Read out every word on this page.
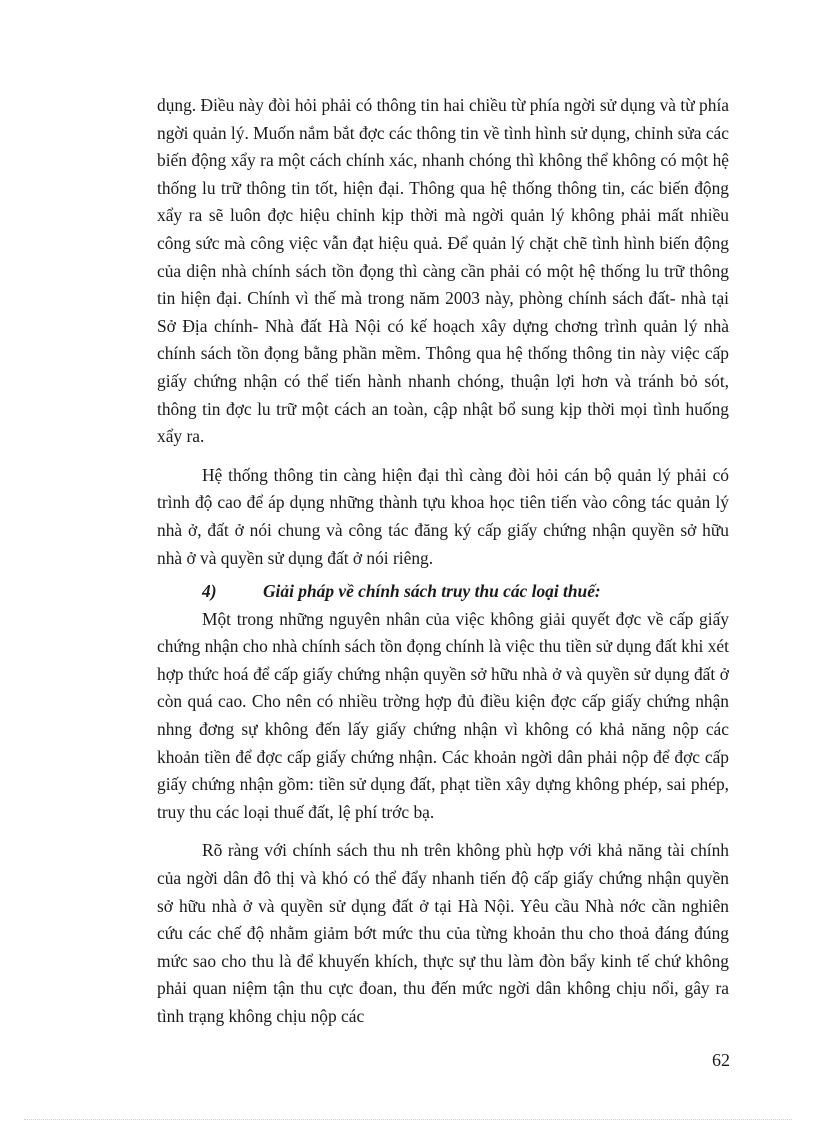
dụng. Điều này đòi hỏi phải có thông tin hai chiều từ phía ngời sử dụng và từ phía ngời quản lý. Muốn nắm bắt đợc các thông tin về tình hình sử dụng, chỉnh sửa các biến động xẩy ra một cách chính xác, nhanh chóng thì không thể không có một hệ thống lu trữ thông tin tốt, hiện đại. Thông qua hệ thống thông tin, các biến động xẩy ra sẽ luôn đợc hiệu chỉnh kịp thời mà ngời quản lý không phải mất nhiều công sức mà công việc vẫn đạt hiệu quả. Để quản lý chặt chẽ tình hình biến động của diện nhà chính sách tồn đọng thì càng cần phải có một hệ thống lu trữ thông tin hiện đại. Chính vì thế mà trong năm 2003 này, phòng chính sách đất- nhà tại Sở Địa chính- Nhà đất Hà Nội có kế hoạch xây dựng chơng trình quản lý nhà chính sách tồn đọng bằng phần mềm. Thông qua hệ thống thông tin này việc cấp giấy chứng nhận có thể tiến hành nhanh chóng, thuận lợi hơn và tránh bỏ sót, thông tin đợc lu trữ một cách an toàn, cập nhật bổ sung kịp thời mọi tình huống xẩy ra.

Hệ thống thông tin càng hiện đại thì càng đòi hỏi cán bộ quản lý phải có trình độ cao để áp dụng những thành tựu khoa học tiên tiến vào công tác quản lý nhà ở, đất ở nói chung và công tác đăng ký cấp giấy chứng nhận quyền sở hữu nhà ở và quyền sử dụng đất ở nói riêng.

4)	Giải pháp về chính sách truy thu các loại thuế:

Một trong những nguyên nhân của việc không giải quyết đợc về cấp giấy chứng nhận cho nhà chính sách tồn đọng chính là việc thu tiền sử dụng đất khi xét hợp thức hoá để cấp giấy chứng nhận quyền sở hữu nhà ở và quyền sử dụng đất ở còn quá cao. Cho nên có nhiều trờng hợp đủ điều kiện đợc cấp giấy chứng nhận nhng đơng sự không đến lấy giấy chứng nhận vì không có khả năng nộp các khoản tiền để đợc cấp giấy chứng nhận. Các khoản ngời dân phải nộp để đợc cấp giấy chứng nhận gồm: tiền sử dụng đất, phạt tiền xây dựng không phép, sai phép, truy thu các loại thuế đất, lệ phí trớc bạ.

Rõ ràng với chính sách thu nh trên không phù hợp với khả năng tài chính của ngời dân đô thị và khó có thể đẩy nhanh tiến độ cấp giấy chứng nhận quyền sở hữu nhà ở và quyền sử dụng đất ở tại Hà Nội. Yêu cầu Nhà nớc cần nghiên cứu các chế độ nhằm giảm bớt mức thu của từng khoản thu cho thoả đáng đúng mức sao cho thu là để khuyến khích, thực sự thu làm đòn bẩy kinh tế chứ không phải quan niệm tận thu cực đoan, thu đến mức ngời dân không chịu nổi, gây ra tình trạng không chịu nộp các

62
